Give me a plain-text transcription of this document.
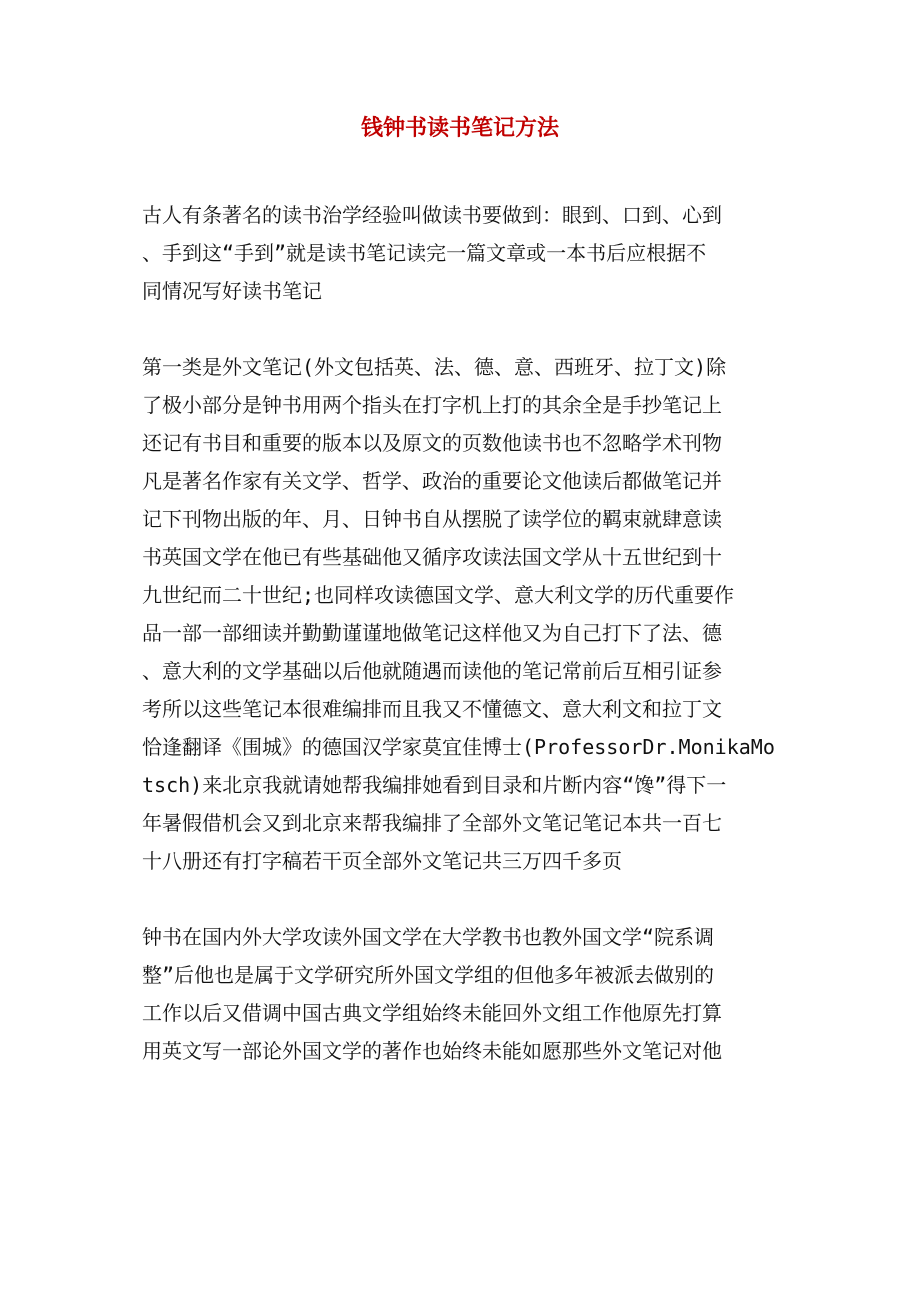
钱钟书读书笔记方法
古人有条著名的读书治学经验叫做读书要做到：眼到、口到、心到
、手到这“手到”就是读书笔记读完一篇文章或一本书后应根据不
同情况写好读书笔记
第一类是外文笔记(外文包括英、法、德、意、西班牙、拉丁文)除
了极小部分是钟书用两个指头在打字机上打的其余全是手抄笔记上
还记有书目和重要的版本以及原文的页数他读书也不忽略学术刊物
凡是著名作家有关文学、哲学、政治的重要论文他读后都做笔记并
记下刊物出版的年、月、日钟书自从摆脱了读学位的羁束就肆意读
书英国文学在他已有些基础他又循序攻读法国文学从十五世纪到十
九世纪而二十世纪;也同样攻读德国文学、意大利文学的历代重要作
品一部一部细读并勤勤谨谨地做笔记这样他又为自己打下了法、德
、意大利的文学基础以后他就随遇而读他的笔记常前后互相引证参
考所以这些笔记本很难编排而且我又不懂德文、意大利文和拉丁文
恰逢翻译《围城》的德国汉学家莫宜佳博士(ProfessorDr.MonikaMo
tsch)来北京我就请她帮我编排她看到目录和片断内容“馋”得下一
年暑假借机会又到北京来帮我编排了全部外文笔记笔记本共一百七
十八册还有打字稿若干页全部外文笔记共三万四千多页
钟书在国内外大学攻读外国文学在大学教书也教外国文学“院系调
整”后他也是属于文学研究所外国文学组的但他多年被派去做别的
工作以后又借调中国古典文学组始终未能回外文组工作他原先打算
用英文写一部论外国文学的著作也始终未能如愿那些外文笔记对他
